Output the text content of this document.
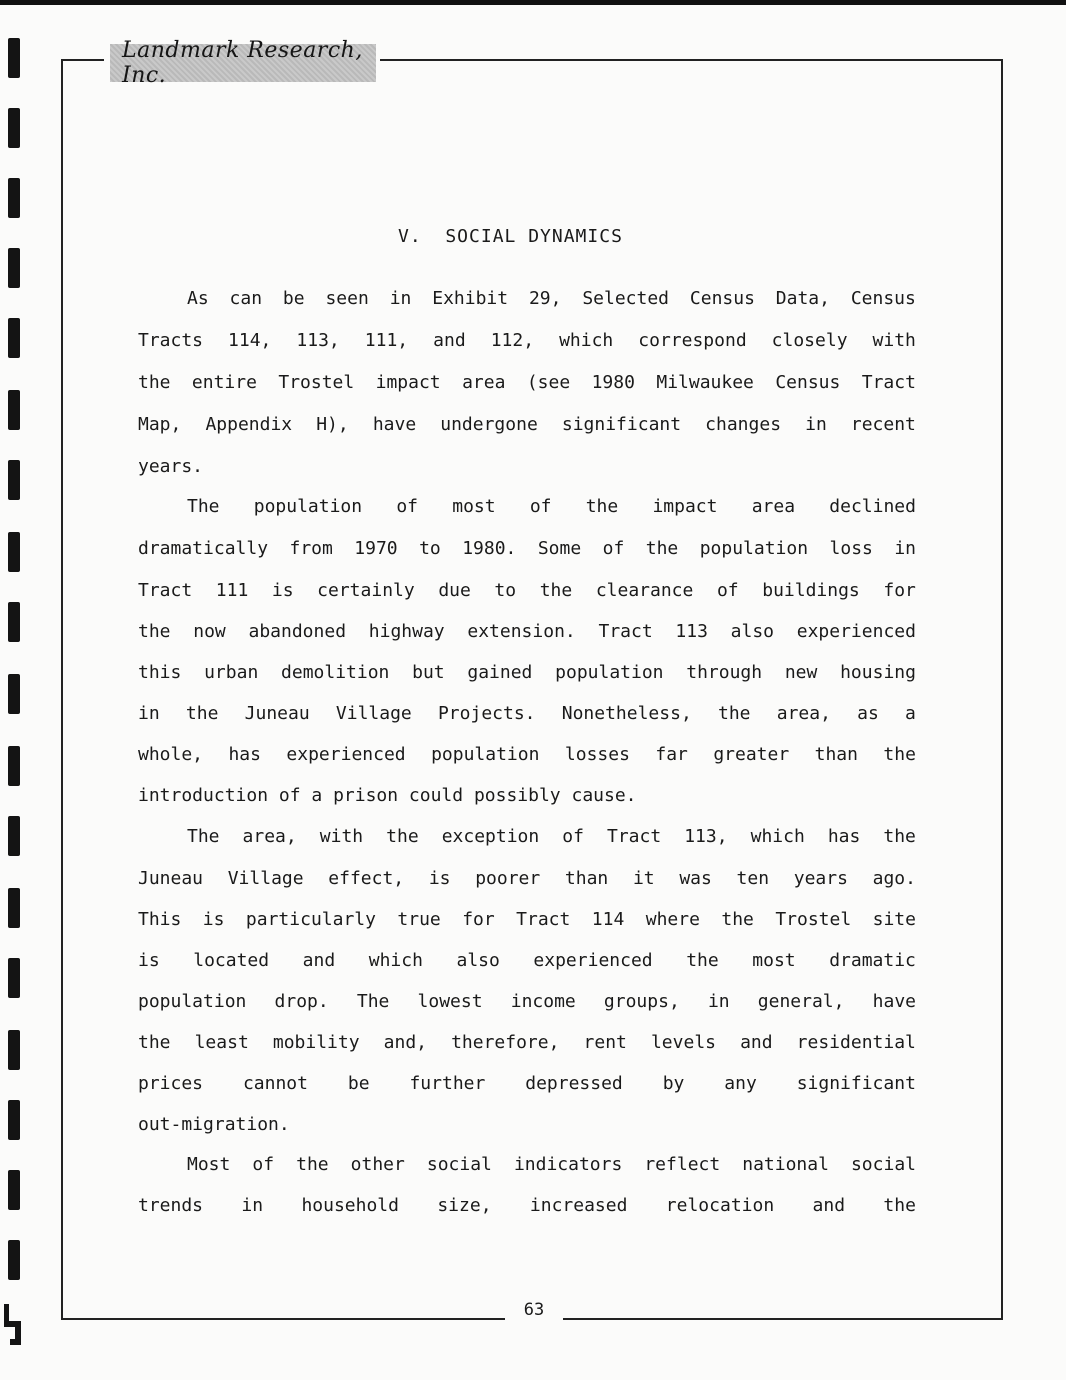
Landmark Research, Inc.
V.  SOCIAL DYNAMICS
As can be seen in Exhibit 29, Selected Census Data, Census
Tracts 114, 113, 111, and 112, which correspond closely with
the entire Trostel impact area (see 1980 Milwaukee Census Tract
Map, Appendix H), have undergone significant changes in recent
years.
The population of most of the impact area declined
dramatically from 1970 to 1980. Some of the population loss in
Tract 111 is certainly due to the clearance of buildings for
the now abandoned highway extension. Tract 113 also experienced
this urban demolition but gained population through new housing
in the Juneau Village Projects. Nonetheless, the area, as a
whole, has experienced population losses far greater than the
introduction of a prison could possibly cause.
The area, with the exception of Tract 113, which has the
Juneau Village effect, is poorer than it was ten years ago.
This is particularly true for Tract 114 where the Trostel site
is located and which also experienced the most dramatic
population drop. The lowest income groups, in general, have
the least mobility and, therefore, rent levels and residential
prices cannot be further depressed by any significant
out-migration.
Most of the other social indicators reflect national social
trends in household size, increased relocation and the
63
